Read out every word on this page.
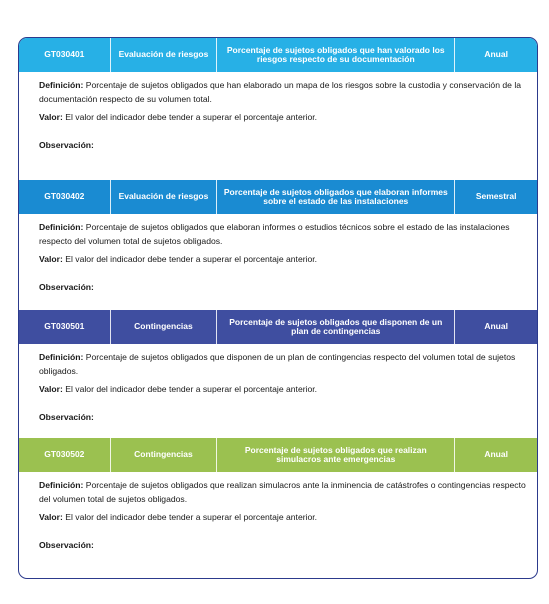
GT030401	Evaluación de riesgos	Porcentaje de sujetos obligados que han valorado los riesgos respecto de su documentación	Anual

Definición: Porcentaje de sujetos obligados que han elaborado un mapa de los riesgos sobre la custodia y conservación de la documentación respecto de su volumen total.

Valor: El valor del indicador debe tender a superar el porcentaje anterior.

Observación:

GT030402	Evaluación de riesgos	Porcentaje de sujetos obligados que elaboran informes sobre el estado de las instalaciones	Semestral

Definición: Porcentaje de sujetos obligados que elaboran informes o estudios técnicos sobre el estado de las instalaciones respecto del volumen total de sujetos obligados.

Valor: El valor del indicador debe tender a superar el porcentaje anterior.

Observación:

GT030501	Contingencias	Porcentaje de sujetos obligados que disponen de un plan de contingencias	Anual

Definición: Porcentaje de sujetos obligados que disponen de un plan de contingencias respecto del volumen total de sujetos obligados.

Valor: El valor del indicador debe tender a superar el porcentaje anterior.

Observación:

GT030502	Contingencias	Porcentaje de sujetos obligados que realizan simulacros ante emergencias	Anual

Definición: Porcentaje de sujetos obligados que realizan simulacros ante la inminencia de catástrofes o contingencias respecto del volumen total de sujetos obligados.

Valor: El valor del indicador debe tender a superar el porcentaje anterior.

Observación:
